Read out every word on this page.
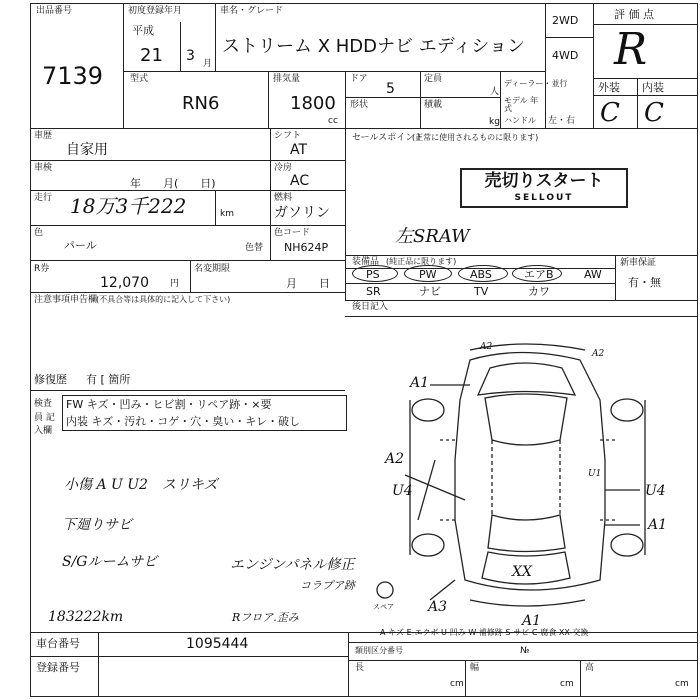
出品番号
7139
初度登録年月
平成
21 3 月
車名・グレード
ストリーム X HDDナビ エディション
2WD
4WD
評 価 点
R
外装 内装
C C
型式
RN6
排気量
1800
cc
ドア
5
形状
定員
人
積載
kg
ディーラー・並行
モデル 年式
ハンドル 左・右
車歴
自家用
車検
年　　月(　　日)
走行 18万3千222	km
色
パール	色替
シフト
AT
冷房
AC
燃料
ガソリン
色コード
NH624P
R券
12,070 円
名変期限
月　　日
セールスポイント
(正常に使用されるものに限ります)
売切りスタート
SELLOUT
左SRAW
装備品 (純正品に限ります)	新車保証
有・無
PS	PW	ABS	エアB	AW
SR	ナビ	TV	カワ
後日記入
注意事項申告欄
(不具合等は具体的に記入して下さい)
修復歴 有 [ 箇所
検査員 記入欄
FW キズ・凹み・ヒビ割・リペア跡・×要
内装 キズ・汚れ・コゲ・穴・臭い・キレ・破し
小傷 A U U2　スリキズ
下廻りサビ
S/Gルームサビ	エンジンパネル修正
コラプア跡
スペア
183222km	Rフロア.歪み
A1
A2
A2
A2
U4
U1
U4
A1
XX
A3
A1
車台番号	1095444
登録番号
A-キズ E-エクボ U-凹み W-補修跡 S-サビ C-腐食 XX-交換
類別区分番号	№
長
cm
幅
cm
高
cm
